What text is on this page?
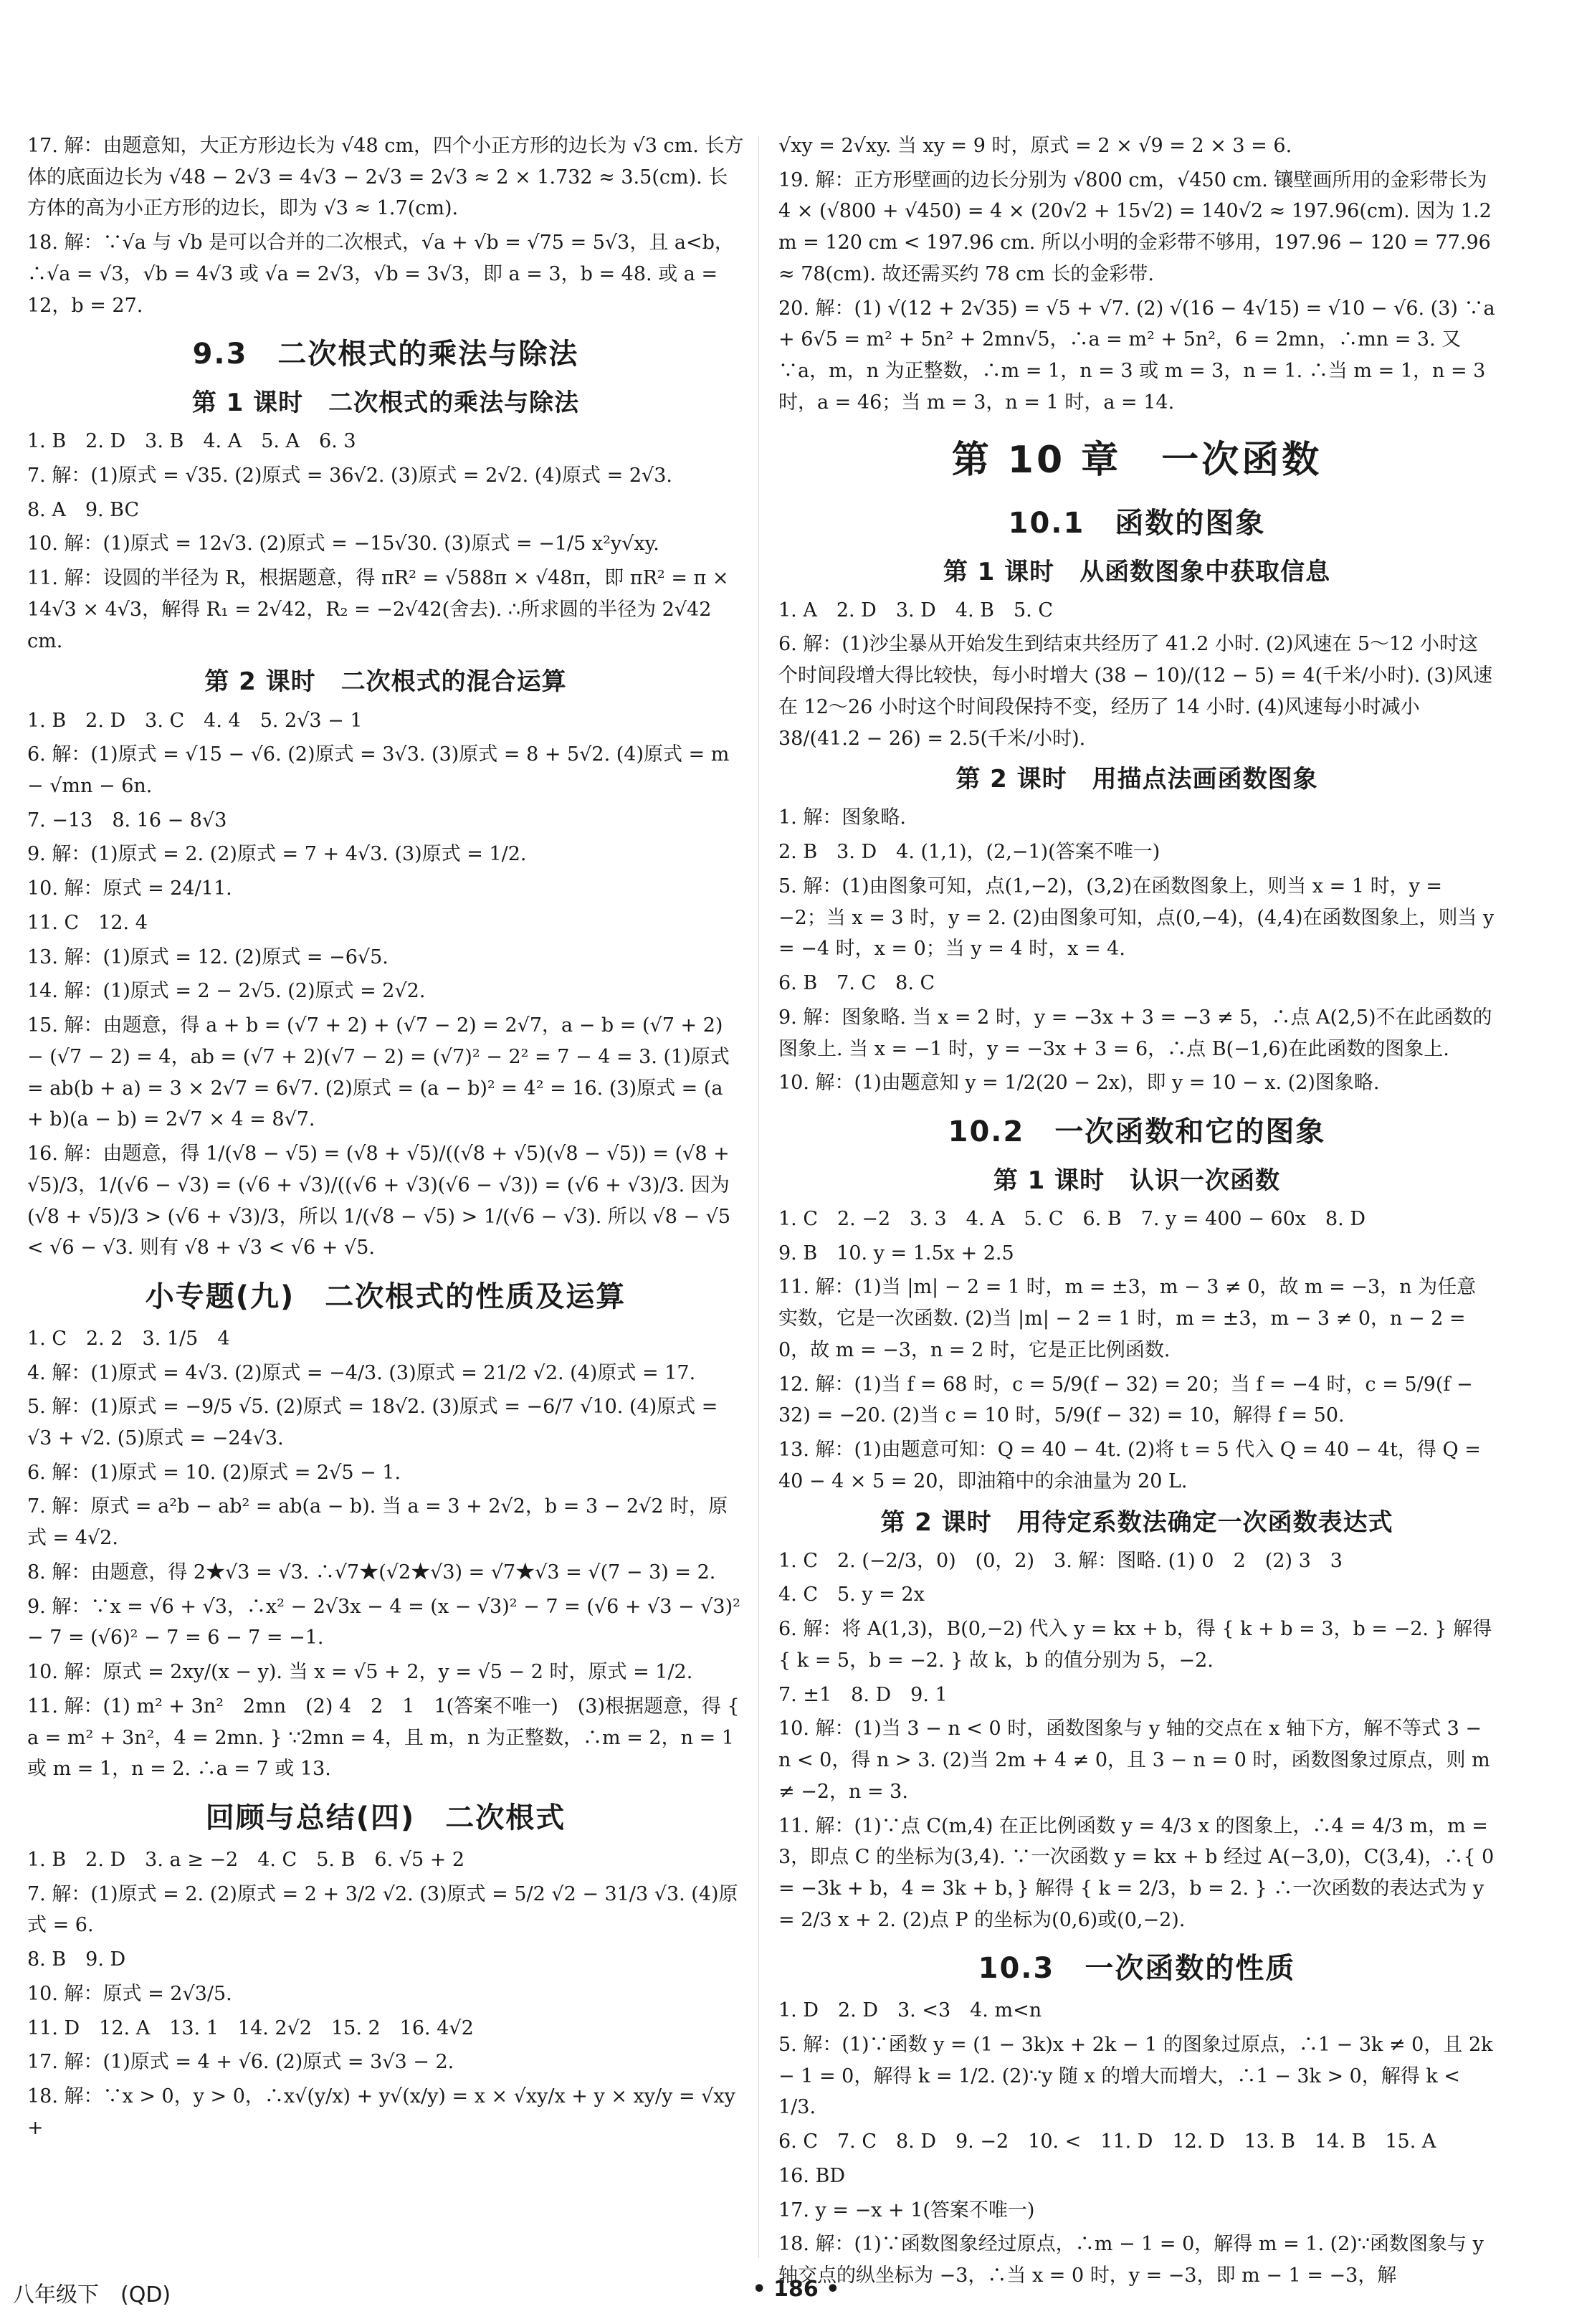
17. 解：由题意知，大正方形边长为 √48 cm，四个小正方形的边长为 √3 cm. 长方体的底面边长为 √48 − 2√3 = 4√3 − 2√3 = 2√3 ≈ 2 × 1.732 ≈ 3.5(cm). 长方体的高为小正方形的边长，即为 √3 ≈ 1.7(cm).

18. 解：∵√a 与 √b 是可以合并的二次根式，√a + √b = √75 = 5√3，且 a<b，∴√a = √3，√b = 4√3 或 √a = 2√3，√b = 3√3，即 a = 3，b = 48. 或 a = 12，b = 27.

9.3　二次根式的乘法与除法
第 1 课时　二次根式的乘法与除法

1. B　2. D　3. B　4. A　5. A　6. 3

7. 解：(1)原式 = √35. (2)原式 = 36√2. (3)原式 = 2√2. (4)原式 = 2√3.

8. A　9. BC

10. 解：(1)原式 = 12√3. (2)原式 = −15√30. (3)原式 = −1/5 x²y√xy.

11. 解：设圆的半径为 R，根据题意，得 πR² = √588π × √48π，即 πR² = π × 14√3 × 4√3，解得 R₁ = 2√42，R₂ = −2√42(舍去). ∴所求圆的半径为 2√42 cm.

第 2 课时　二次根式的混合运算

1. B　2. D　3. C　4. 4　5. 2√3 − 1

6. 解：(1)原式 = √15 − √6. (2)原式 = 3√3. (3)原式 = 8 + 5√2. (4)原式 = m − √mn − 6n.

7. −13　8. 16 − 8√3

9. 解：(1)原式 = 2. (2)原式 = 7 + 4√3. (3)原式 = 1/2.

10. 解：原式 = 24/11.

11. C　12. 4

13. 解：(1)原式 = 12. (2)原式 = −6√5.

14. 解：(1)原式 = 2 − 2√5. (2)原式 = 2√2.

15. 解：由题意，得 a + b = (√7 + 2) + (√7 − 2) = 2√7，a − b = (√7 + 2) − (√7 − 2) = 4，ab = (√7 + 2)(√7 − 2) = (√7)² − 2² = 7 − 4 = 3. (1)原式 = ab(b + a) = 3 × 2√7 = 6√7. (2)原式 = (a − b)² = 4² = 16. (3)原式 = (a + b)(a − b) = 2√7 × 4 = 8√7.

16. 解：由题意，得 1/(√8 − √5) = (√8 + √5)/((√8 + √5)(√8 − √5)) = (√8 + √5)/3，1/(√6 − √3) = (√6 + √3)/((√6 + √3)(√6 − √3)) = (√6 + √3)/3. 因为 (√8 + √5)/3 > (√6 + √3)/3，所以 1/(√8 − √5) > 1/(√6 − √3). 所以 √8 − √5 < √6 − √3. 则有 √8 + √3 < √6 + √5.

小专题(九)　二次根式的性质及运算

1. C　2. 2　3. 1/5　4

4. 解：(1)原式 = 4√3. (2)原式 = −4/3. (3)原式 = 21/2 √2. (4)原式 = 17.

5. 解：(1)原式 = −9/5 √5. (2)原式 = 18√2. (3)原式 = −6/7 √10. (4)原式 = √3 + √2. (5)原式 = −24√3.

6. 解：(1)原式 = 10. (2)原式 = 2√5 − 1.

7. 解：原式 = a²b − ab² = ab(a − b). 当 a = 3 + 2√2，b = 3 − 2√2 时，原式 = 4√2.

8. 解：由题意，得 2★√3 = √3. ∴√7★(√2★√3) = √7★√3 = √(7 − 3) = 2.

9. 解：∵x = √6 + √3，∴x² − 2√3x − 4 = (x − √3)² − 7 = (√6 + √3 − √3)² − 7 = (√6)² − 7 = 6 − 7 = −1.

10. 解：原式 = 2xy/(x − y). 当 x = √5 + 2，y = √5 − 2 时，原式 = 1/2.

11. 解：(1) m² + 3n²　2mn　(2) 4　2　1　1(答案不唯一)　(3)根据题意，得 { a = m² + 3n²，4 = 2mn. } ∵2mn = 4，且 m，n 为正整数，∴m = 2，n = 1 或 m = 1，n = 2. ∴a = 7 或 13.

回顾与总结(四)　二次根式

1. B　2. D　3. a ≥ −2　4. C　5. B　6. √5 + 2

7. 解：(1)原式 = 2. (2)原式 = 2 + 3/2 √2. (3)原式 = 5/2 √2 − 31/3 √3. (4)原式 = 6.

8. B　9. D

10. 解：原式 = 2√3/5.

11. D　12. A　13. 1　14. 2√2　15. 2　16. 4√2

17. 解：(1)原式 = 4 + √6. (2)原式 = 3√3 − 2.

18. 解：∵x > 0，y > 0，∴x√(y/x) + y√(x/y) = x × √xy/x + y × xy/y = √xy +

√xy = 2√xy. 当 xy = 9 时，原式 = 2 × √9 = 2 × 3 = 6.

19. 解：正方形壁画的边长分别为 √800 cm，√450 cm. 镶壁画所用的金彩带长为 4 × (√800 + √450) = 4 × (20√2 + 15√2) = 140√2 ≈ 197.96(cm). 因为 1.2 m = 120 cm < 197.96 cm. 所以小明的金彩带不够用，197.96 − 120 = 77.96 ≈ 78(cm). 故还需买约 78 cm 长的金彩带.

20. 解：(1) √(12 + 2√35) = √5 + √7. (2) √(16 − 4√15) = √10 − √6. (3) ∵a + 6√5 = m² + 5n² + 2mn√5，∴a = m² + 5n²，6 = 2mn，∴mn = 3. 又∵a，m，n 为正整数，∴m = 1，n = 3 或 m = 3，n = 1. ∴当 m = 1，n = 3 时，a = 46；当 m = 3，n = 1 时，a = 14.

第 10 章　一次函数
10.1　函数的图象
第 1 课时　从函数图象中获取信息

1. A　2. D　3. D　4. B　5. C

6. 解：(1)沙尘暴从开始发生到结束共经历了 41.2 小时. (2)风速在 5～12 小时这个时间段增大得比较快，每小时增大 (38 − 10)/(12 − 5) = 4(千米/小时). (3)风速在 12～26 小时这个时间段保持不变，经历了 14 小时. (4)风速每小时减小 38/(41.2 − 26) = 2.5(千米/小时).

第 2 课时　用描点法画函数图象

1. 解：图象略.

2. B　3. D　4. (1,1)，(2,−1)(答案不唯一)

5. 解：(1)由图象可知，点(1,−2)，(3,2)在函数图象上，则当 x = 1 时，y = −2；当 x = 3 时，y = 2. (2)由图象可知，点(0,−4)，(4,4)在函数图象上，则当 y = −4 时，x = 0；当 y = 4 时，x = 4.

6. B　7. C　8. C

9. 解：图象略. 当 x = 2 时，y = −3x + 3 = −3 ≠ 5，∴点 A(2,5)不在此函数的图象上. 当 x = −1 时，y = −3x + 3 = 6，∴点 B(−1,6)在此函数的图象上.

10. 解：(1)由题意知 y = 1/2(20 − 2x)，即 y = 10 − x. (2)图象略.

10.2　一次函数和它的图象
第 1 课时　认识一次函数

1. C　2. −2　3. 3　4. A　5. C　6. B　7. y = 400 − 60x　8. D

9. B　10. y = 1.5x + 2.5

11. 解：(1)当 |m| − 2 = 1 时，m = ±3，m − 3 ≠ 0，故 m = −3，n 为任意实数，它是一次函数. (2)当 |m| − 2 = 1 时，m = ±3，m − 3 ≠ 0，n − 2 = 0，故 m = −3，n = 2 时，它是正比例函数.

12. 解：(1)当 f = 68 时，c = 5/9(f − 32) = 20；当 f = −4 时，c = 5/9(f − 32) = −20. (2)当 c = 10 时，5/9(f − 32) = 10，解得 f = 50.

13. 解：(1)由题意可知：Q = 40 − 4t. (2)将 t = 5 代入 Q = 40 − 4t，得 Q = 40 − 4 × 5 = 20，即油箱中的余油量为 20 L.

第 2 课时　用待定系数法确定一次函数表达式

1. C　2. (−2/3，0)　(0，2)　3. 解：图略. (1) 0　2　(2) 3　3

4. C　5. y = 2x

6. 解：将 A(1,3)，B(0,−2) 代入 y = kx + b，得 { k + b = 3，b = −2. } 解得 { k = 5，b = −2. } 故 k，b 的值分别为 5，−2.

7. ±1　8. D　9. 1

10. 解：(1)当 3 − n < 0 时，函数图象与 y 轴的交点在 x 轴下方，解不等式 3 − n < 0，得 n > 3. (2)当 2m + 4 ≠ 0，且 3 − n = 0 时，函数图象过原点，则 m ≠ −2，n = 3.

11. 解：(1)∵点 C(m,4) 在正比例函数 y = 4/3 x 的图象上，∴4 = 4/3 m，m = 3，即点 C 的坐标为(3,4). ∵一次函数 y = kx + b 经过 A(−3,0)，C(3,4)，∴{ 0 = −3k + b，4 = 3k + b，} 解得 { k = 2/3，b = 2. } ∴一次函数的表达式为 y = 2/3 x + 2. (2)点 P 的坐标为(0,6)或(0,−2).

10.3　一次函数的性质

1. D　2. D　3. <3　4. m<n

5. 解：(1)∵函数 y = (1 − 3k)x + 2k − 1 的图象过原点，∴1 − 3k ≠ 0，且 2k − 1 = 0，解得 k = 1/2. (2)∵y 随 x 的增大而增大，∴1 − 3k > 0，解得 k < 1/3.

6. C　7. C　8. D　9. −2　10. <　11. D　12. D　13. B　14. B　15. A

16. BD

17. y = −x + 1(答案不唯一)

18. 解：(1)∵函数图象经过原点，∴m − 1 = 0，解得 m = 1. (2)∵函数图象与 y 轴交点的纵坐标为 −3，∴当 x = 0 时，y = −3，即 m − 1 = −3，解

八年级下　(QD)	• 186 •
